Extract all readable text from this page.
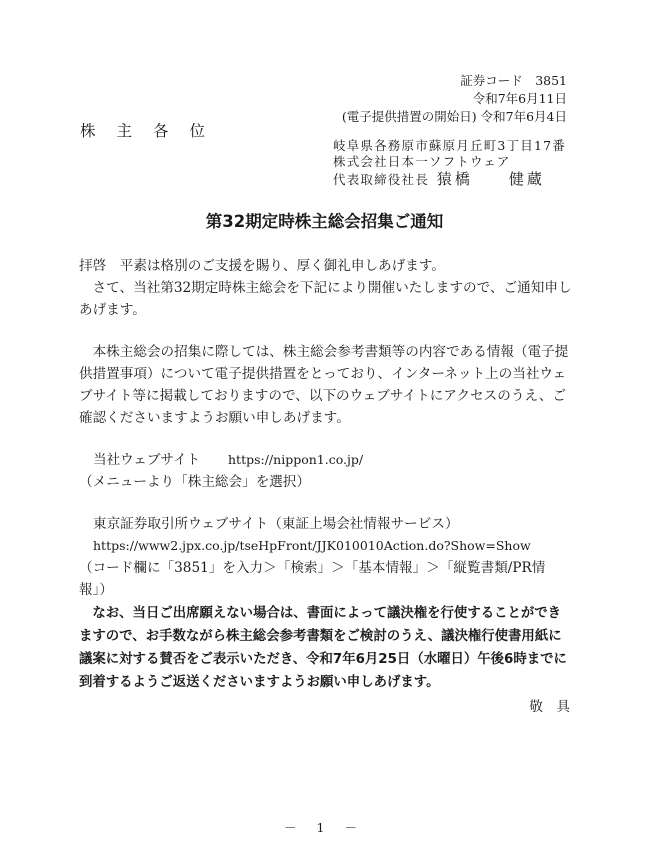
証券コード　3851
令和7年6月11日
(電子提供措置の開始日) 令和7年6月4日
株主各位
岐阜県各務原市蘇原月丘町3丁目17番
株式会社日本一ソフトウェア
代表取締役社長 猿橋　　健蔵
第32期定時株主総会招集ご通知
拝啓　平素は格別のご支援を賜り、厚く御礼申しあげます。
　さて、当社第32期定時株主総会を下記により開催いたしますので、ご通知申し
あげます。
　本株主総会の招集に際しては、株主総会参考書類等の内容である情報（電子提
供措置事項）について電子提供措置をとっており、インターネット上の当社ウェ
ブサイト等に掲載しておりますので、以下のウェブサイトにアクセスのうえ、ご
確認くださいますようお願い申しあげます。
当社ウェブサイト https://nippon1.co.jp/
（メニューより「株主総会」を選択）
東京証券取引所ウェブサイト（東証上場会社情報サービス）
https://www2.jpx.co.jp/tseHpFront/JJK010010Action.do?Show=Show
（コード欄に「3851」を入力＞「検索」＞「基本情報」＞「縦覧書類/PR情
報」）
　なお、当日ご出席願えない場合は、書面によって議決権を行使することができ
ますので、お手数ながら株主総会参考書類をご検討のうえ、議決権行使書用紙に
議案に対する賛否をご表示いただき、令和7年6月25日（水曜日）午後6時までに
到着するようご返送くださいますようお願い申しあげます。
敬　具
－ 1 －
